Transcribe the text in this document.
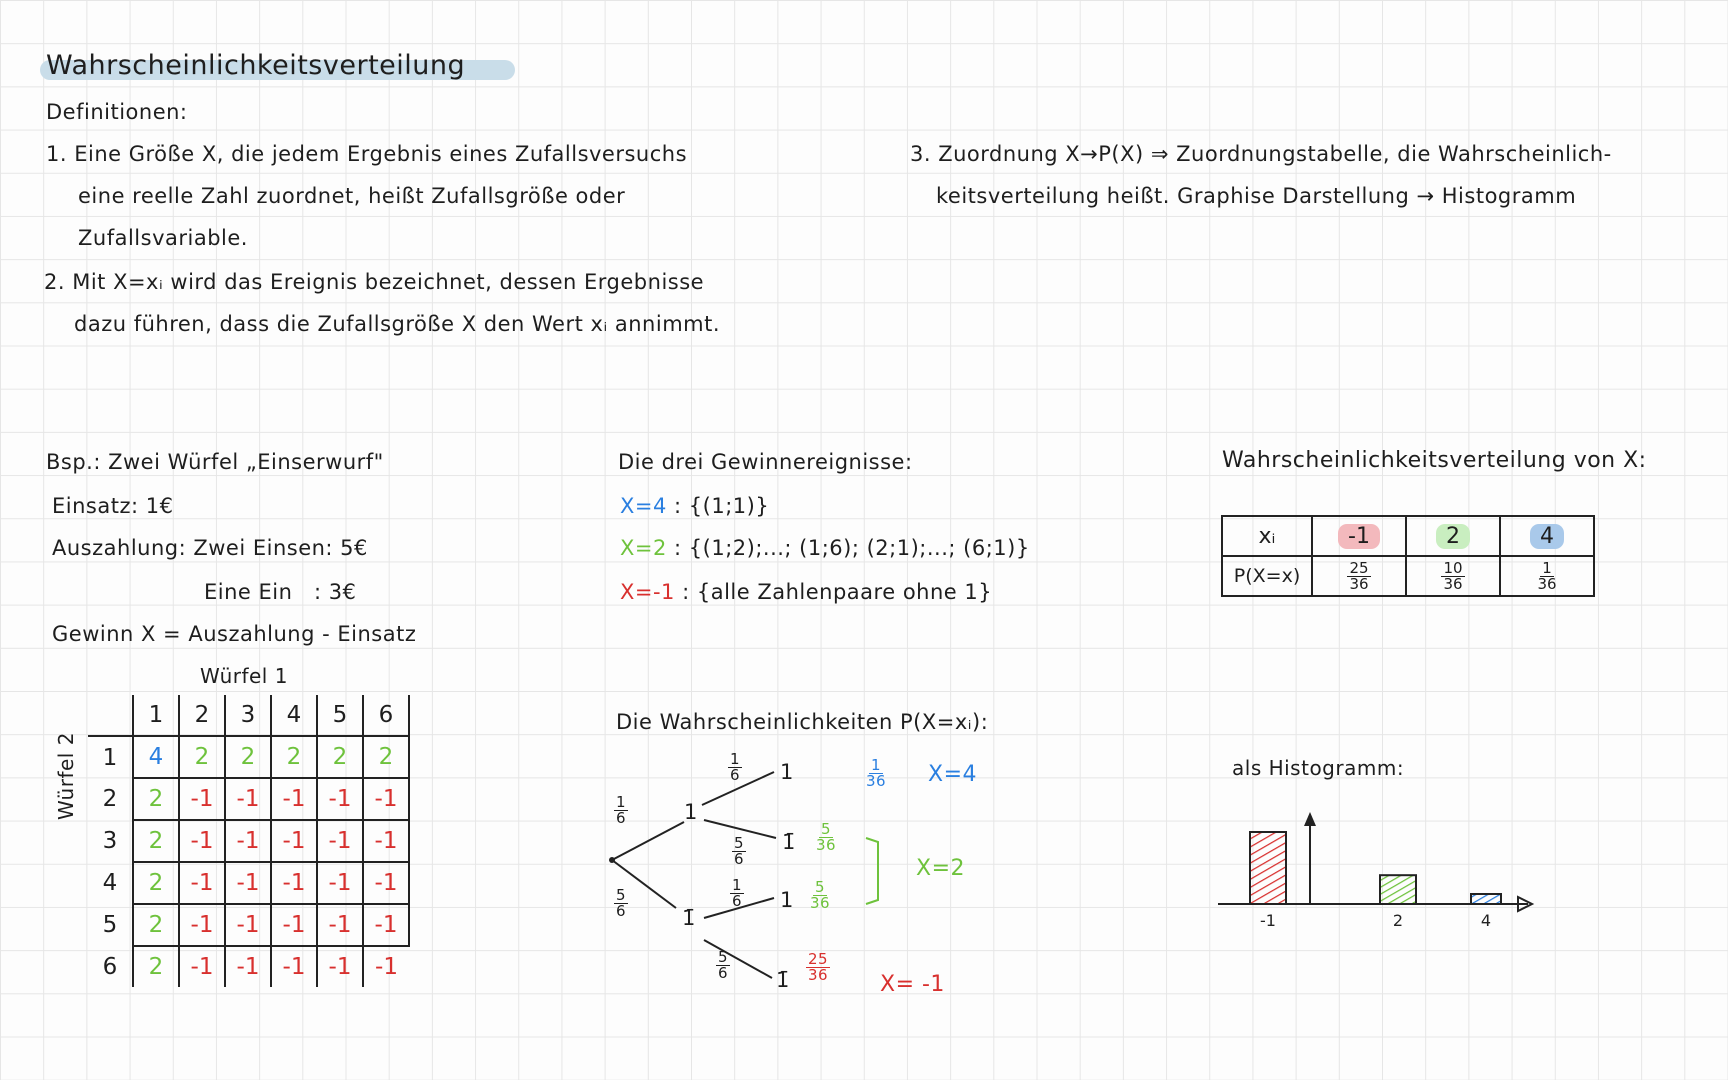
Wahrscheinlichkeitsverteilung
Definitionen:
1. Eine Größe X, die jedem Ergebnis eines Zufallsversuchs
eine reelle Zahl zuordnet, heißt Zufallsgröße oder
Zufallsvariable.
2. Mit X=xᵢ wird das Ereignis bezeichnet, dessen Ergebnisse
dazu führen, dass die Zufallsgröße X den Wert xᵢ annimmt.
3. Zuordnung X→P(X) ⇒ Zuordnungstabelle, die Wahrscheinlich-
keitsverteilung heißt. Graphise Darstellung → Histogramm
Bsp.: Zwei Würfel „Einserwurf"
Einsatz: 1€
Auszahlung: Zwei Einsen: 5€
Eine Ein   : 3€
Gewinn X = Auszahlung - Einsatz
Würfel 1
Würfel 2
	1	2	3	4	5	6
1	4	2	2	2	2	2
2	2	-1	-1	-1	-1	-1
3	2	-1	-1	-1	-1	-1
4	2	-1	-1	-1	-1	-1
5	2	-1	-1	-1	-1	-1
6	2	-1	-1	-1	-1	-1
Die drei Gewinnereignisse:
X=4 : {(1;1)}
X=2 : {(1;2);...; (1;6); (2;1);...; (6;1)}
X=-1 : {alle Zahlenpaare ohne 1}
Die Wahrscheinlichkeiten P(X=xᵢ):
$\frac{1}{6}$
$\frac{5}{6}$
1
1̄
$\frac{1}{6}$
$\frac{5}{6}$
$\frac{1}{6}$
$\frac{5}{6}$
1
1̄
1
1̄
$\frac{1}{36}$
$\frac{5}{36}$
$\frac{5}{36}$
$\frac{25}{36}$
X=4
X=2
X= -1
Wahrscheinlichkeitsverteilung von X:
xᵢ	-1	2	4
P(X=x)	$\frac{25}{36}$	$\frac{10}{36}$	$\frac{1}{36}$
als Histogramm:
-1	2	4
